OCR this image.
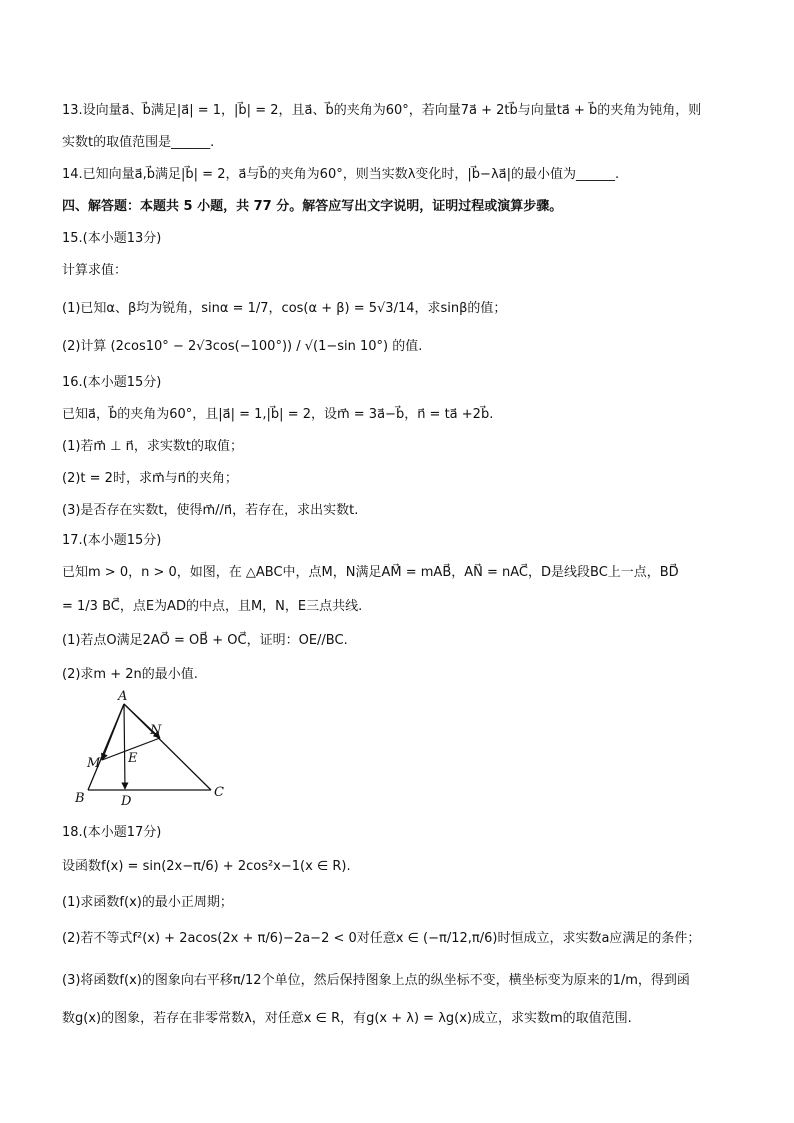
13.设向量a⃗、b⃗满足|a⃗| = 1，|b⃗| = 2，且a⃗、b⃗的夹角为60°，若向量7a⃗ + 2tb⃗与向量ta⃗ + b⃗的夹角为钝角，则
实数t的取值范围是______.
14.已知向量a⃗,b⃗满足|b⃗| = 2，a⃗与b⃗的夹角为60°，则当实数λ变化时，|b⃗−λa⃗|的最小值为______.
四、解答题：本题共 5 小题，共 77 分。解答应写出文字说明，证明过程或演算步骤。
15.(本小题13分)
计算求值：
(1)已知α、β均为锐角，sinα = 1/7，cos(α + β) = 5√3/14，求sinβ的值；
(2)计算 (2cos10° − 2√3cos(−100°)) / √(1−sin 10°) 的值.
16.(本小题15分)
已知a⃗，b⃗的夹角为60°，且|a⃗| = 1,|b⃗| = 2，设m⃗ = 3a⃗−b⃗，n⃗ = ta⃗ +2b⃗.
(1)若m⃗ ⊥ n⃗，求实数t的取值；
(2)t = 2时，求m⃗与n⃗的夹角；
(3)是否存在实数t，使得m⃗//n⃗，若存在，求出实数t.
17.(本小题15分)
已知m > 0，n > 0，如图，在 △ABC中，点M，N满足AM⃗ = mAB⃗，AN⃗ = nAC⃗，D是线段BC上一点，BD⃗
= 1/3 BC⃗，点E为AD的中点，且M，N，E三点共线.
(1)若点O满足2AO⃗ = OB⃗ + OC⃗，证明：OE//BC.
(2)求m + 2n的最小值.
18.(本小题17分)
设函数f(x) = sin(2x−π/6) + 2cos²x−1(x ∈ R).
(1)求函数f(x)的最小正周期；
(2)若不等式f²(x) + 2acos(2x + π/6)−2a−2 < 0对任意x ∈ (−π/12,π/6)时恒成立，求实数a应满足的条件；
(3)将函数f(x)的图象向右平移π/12个单位，然后保持图象上点的纵坐标不变，横坐标变为原来的1/m，得到函
数g(x)的图象，若存在非零常数λ，对任意x ∈ R，有g(x + λ) = λg(x)成立，求实数m的取值范围.
A
N
M E
B	D
C
